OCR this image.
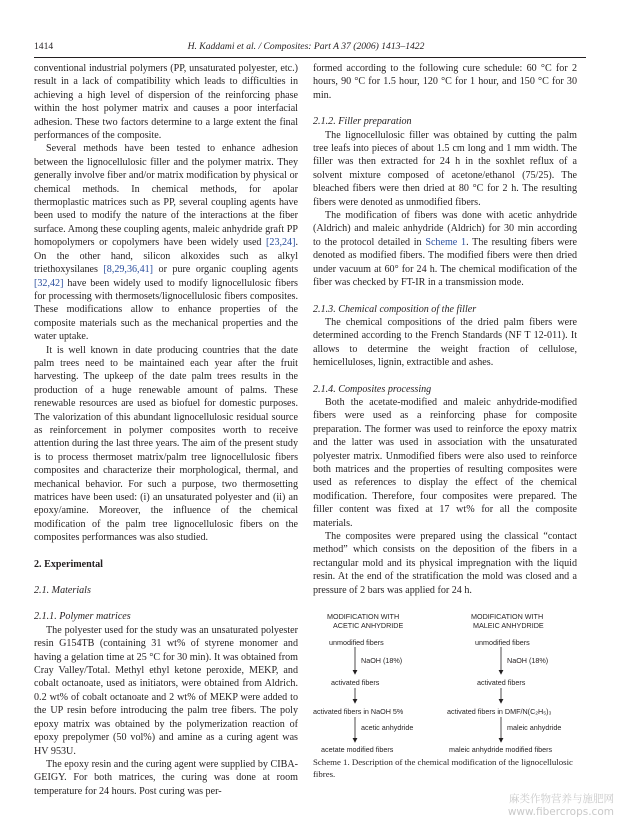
1414	H. Kaddami et al. / Composites: Part A 37 (2006) 1413–1422

conventional industrial polymers (PP, unsaturated polyester, etc.) result in a lack of compatibility which leads to difficulties in achieving a high level of dispersion of the reinforcing phase within the host polymer matrix and causes a poor interfacial adhesion. These two factors determine to a large extent the final performances of the composite.

Several methods have been tested to enhance adhesion between the lignocellulosic filler and the polymer matrix. They generally involve fiber and/or matrix modification by physical or chemical methods. In chemical methods, for apolar thermoplastic matrices such as PP, several coupling agents have been used to modify the nature of the interactions at the fiber surface. Among these coupling agents, maleic anhydride graft PP homopolymers or copolymers have been widely used [23,24]. On the other hand, silicon alkoxides such as alkyl triethoxysilanes [8,29,36,41] or pure organic coupling agents [32,42] have been widely used to modify lignocellulosic fibers for processing with thermosets/lignocellulosic fibers composites. These modifications allow to enhance properties of the composite materials such as the mechanical properties and the water uptake.

It is well known in date producing countries that the date palm trees need to be maintained each year after the fruit harvesting. The upkeep of the date palm trees results in the production of a huge renewable amount of palms. These renewable resources are used as biofuel for domestic purposes. The valorization of this abundant lignocellulosic residual source as reinforcement in polymer composites worth to receive attention during the last three years. The aim of the present study is to process thermoset matrix/palm tree lignocellulosic fibers composites and characterize their morphological, thermal, and mechanical behavior. For such a purpose, two thermosetting matrices have been used: (i) an unsaturated polyester and (ii) an epoxy/amine. Moreover, the influence of the chemical modification of the palm tree lignocellulosic fibers on the composites performances was also studied.

2. Experimental
2.1. Materials
2.1.1. Polymer matrices

The polyester used for the study was an unsaturated polyester resin G154TB (containing 31 wt% of styrene monomer and having a gelation time at 25 °C for 30 min). It was obtained from Cray Valley/Total. Methyl ethyl ketone peroxide, MEKP, and cobalt octanoate, used as initiators, were obtained from Aldrich. 0.2 wt% of cobalt octanoate and 2 wt% of MEKP were added to the UP resin before introducing the palm tree fibers. The poly epoxy matrix was obtained by the polymerization reaction of epoxy prepolymer (50 vol%) and amine as a curing agent was HV 953U.

The epoxy resin and the curing agent were supplied by CIBA-GEIGY. For both matrices, the curing was done at room temperature for 24 hours. Post curing was per-

formed according to the following cure schedule: 60 °C for 2 hours, 90 °C for 1.5 hour, 120 °C for 1 hour, and 150 °C for 30 min.

2.1.2. Filler preparation

The lignocellulosic filler was obtained by cutting the palm tree leafs into pieces of about 1.5 cm long and 1 mm width. The filler was then extracted for 24 h in the soxhlet reflux of a solvent mixture composed of acetone/ethanol (75/25). The bleached fibers were then dried at 80 °C for 2 h. The resulting fibers were denoted as unmodified fibers.

The modification of fibers was done with acetic anhydride (Aldrich) and maleic anhydride (Aldrich) for 30 min according to the protocol detailed in Scheme 1. The resulting fibers were denoted as modified fibers. The modified fibers were then dried under vacuum at 60° for 24 h. The chemical modification of the fiber was checked by FT-IR in a transmission mode.

2.1.3. Chemical composition of the filler

The chemical compositions of the dried palm fibers were determined according to the French Standards (NF T 12-011). It allows to determine the weight fraction of cellulose, hemicelluloses, lignin, extractible and ashes.

2.1.4. Composites processing

Both the acetate-modified and maleic anhydride-modified fibers were used as a reinforcing phase for composite preparation. The former was used to reinforce the epoxy matrix and the latter was used in association with the unsaturated polyester matrix. Unmodified fibers were also used to reinforce both matrices and the properties of resulting composites were used as references to display the effect of the chemical modification. Therefore, four composites were prepared. The filler content was fixed at 17 wt% for all the composite materials.

The composites were prepared using the classical “contact method” which consists on the deposition of the fibers in a rectangular mold and its physical impregnation with the liquid resin. At the end of the stratification the mold was closed and a pressure of 2 bars was applied for 24 h.

MODIFICATION WITH
ACETIC ANHYDRIDE
MODIFICATION WITH
MALEIC ANHYDRIDE
unmodified fibers
NaOH (18%)
activated fibers
activated fibers in NaOH 5%
acetic anhydride
acetate modified fibers
unmodified fibers
NaOH (18%)
activated fibers
activated fibers in DMF/N(C₂H₅)₃
maleic anhydride
maleic anhydride modified fibers
Scheme 1. Description of the chemical modification of the lignocellulosic fibres.
麻类作物营养与施肥网
www.fibercrops.com
